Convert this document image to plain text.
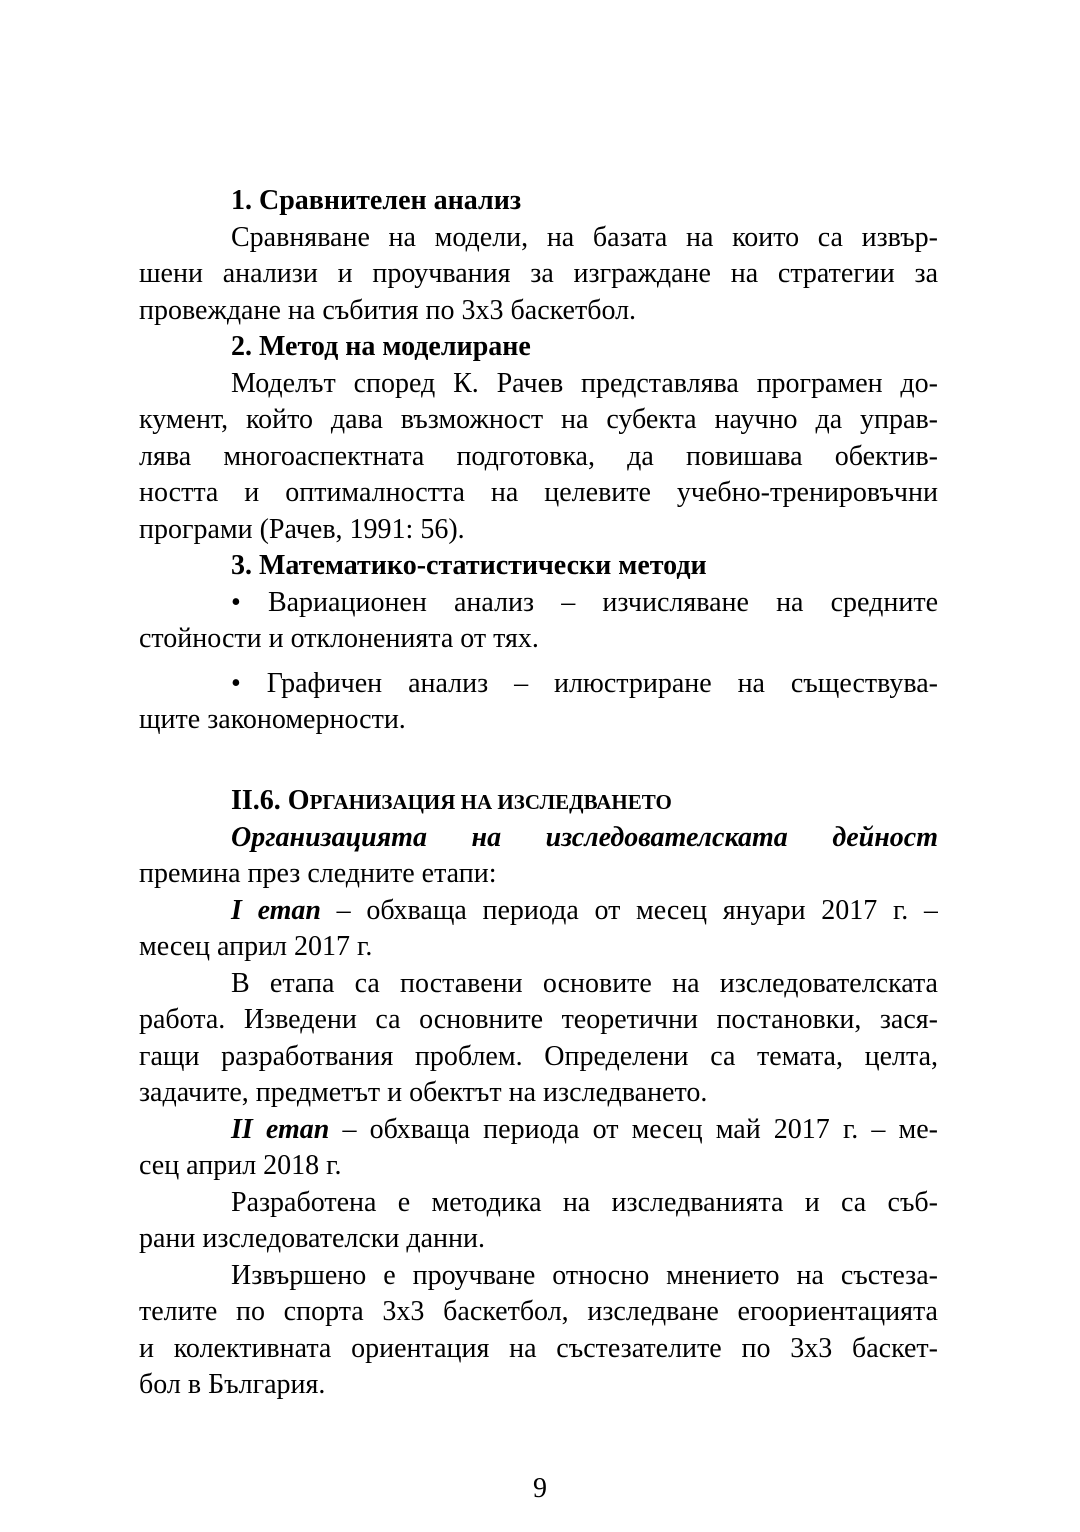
1. Сравнителен анализ
Сравняване на модели, на базата на които са извър-
шени анализи и проучвания за изграждане на стратегии за
провеждане на събития по 3х3 баскетбол.
2. Метод на моделиране
Моделът според К. Рачев представлява програмен до-
кумент, който дава възможност на субекта научно да управ-
лява многоаспектната подготовка, да повишава обектив-
ността и оптималността на целевите учебно-тренировъчни
програми (Рачев, 1991: 56).
3. Математико-статистически методи
• Вариационен анализ – изчисляване на средните
стойности и отклоненията от тях.
• Графичен анализ – илюстриране на съществува-
щите закономерности.
II.6. ОРГАНИЗАЦИЯ НА ИЗСЛЕДВАНЕТО
Организацията на изследователската дейност
премина през следните етапи:
I етап – обхваща периода от месец януари 2017 г. –
месец април 2017 г.
В етапа са поставени основите на изследователската
работа. Изведени са основните теоретични постановки, зася-
гащи разработвания проблем. Определени са темата, целта,
задачите, предметът и обектът на изследването.
II етап – обхваща периода от месец май 2017 г. – ме-
сец април 2018 г.
Разработена е методика на изследванията и са съб-
рани изследователски данни.
Извършено е проучване относно мнението на състеза-
телите по спорта 3х3 баскетбол, изследване егоориентацията
и колективната ориентация на състезателите по 3х3 баскет-
бол в България.
9
